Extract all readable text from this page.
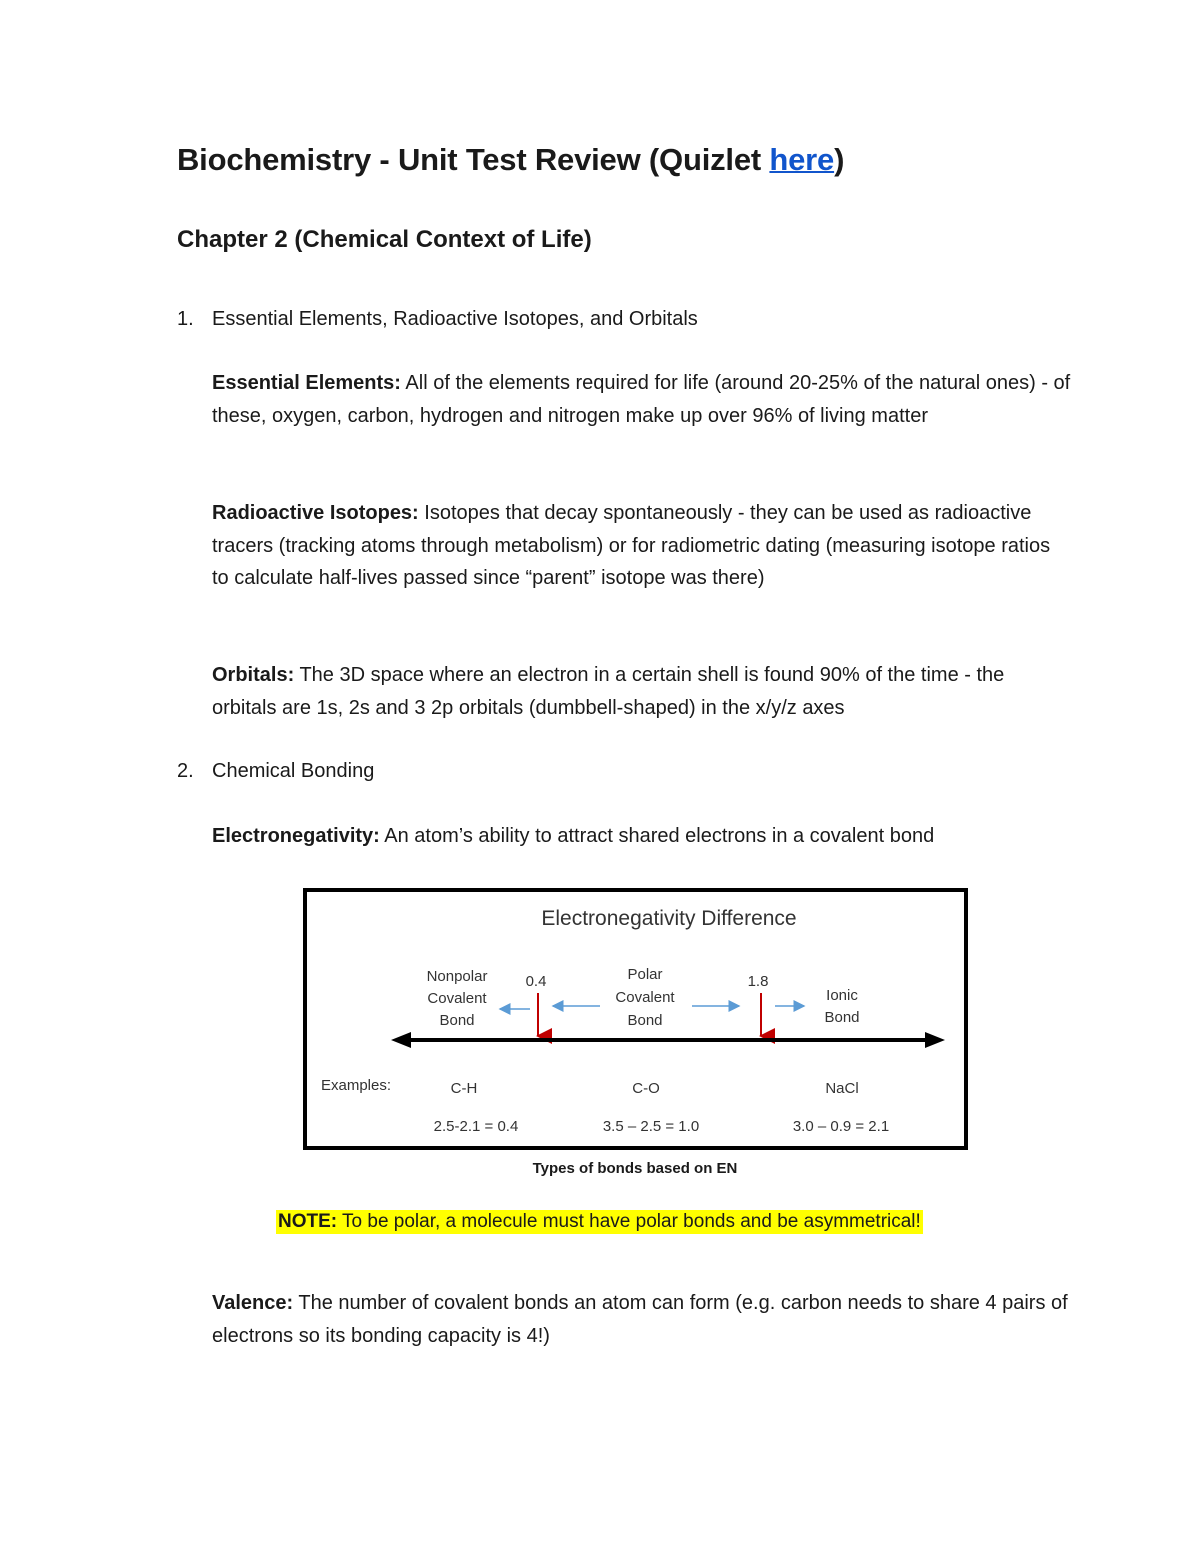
Biochemistry - Unit Test Review (Quizlet here)
Chapter 2 (Chemical Context of Life)
1. Essential Elements, Radioactive Isotopes, and Orbitals
Essential Elements: All of the elements required for life (around 20-25% of the natural ones) - of these, oxygen, carbon, hydrogen and nitrogen make up over 96% of living matter
Radioactive Isotopes: Isotopes that decay spontaneously - they can be used as radioactive tracers (tracking atoms through metabolism) or for radiometric dating (measuring isotope ratios to calculate half-lives passed since “parent” isotope was there)
Orbitals: The 3D space where an electron in a certain shell is found 90% of the time - the orbitals are 1s, 2s and 3 2p orbitals (dumbbell-shaped) in the x/y/z axes
2. Chemical Bonding
Electronegativity: An atom’s ability to attract shared electrons in a covalent bond
Electronegativity Difference
Nonpolar
Covalent
Bond
0.4	Polar
Covalent
Bond
1.8
Ionic
Bond
Examples:	C-H	C-O	NaCl
2.5-2.1 = 0.4	3.5 – 2.5 = 1.0	3.0 – 0.9 = 2.1
Types of bonds based on EN
NOTE: To be polar, a molecule must have polar bonds and be asymmetrical!
Valence: The number of covalent bonds an atom can form (e.g. carbon needs to share 4 pairs of electrons so its bonding capacity is 4!)
